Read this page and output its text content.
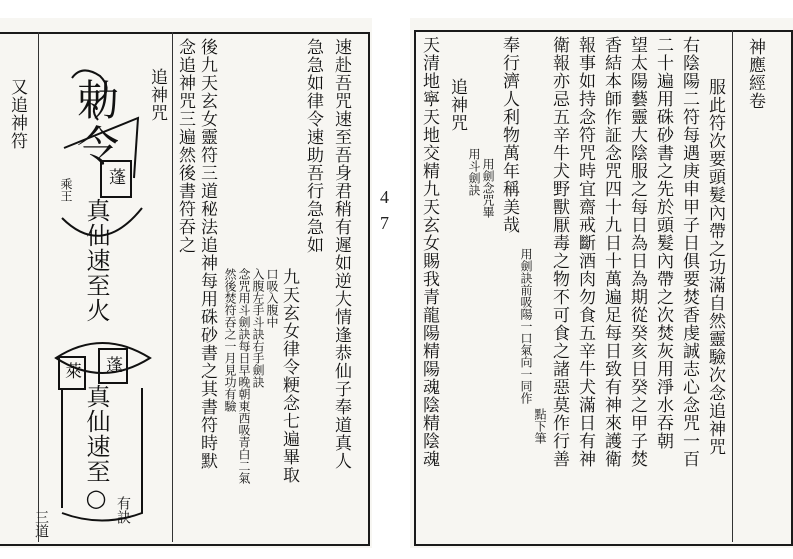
又追神符 勅令
乘王
蓬
真仙速至火
萊 蓬
真仙速至○
三道	有訣
追神咒 念追神咒三遍然後書符吞之 後九天玄女靈符三道秘法追神每用硃砂書之其書符時默 然後焚符吞之一月見功有驗 念咒用斗劍訣每日早晚朝東西吸青白二氣 入腹左手斗訣右手劍訣 口吸入腹中 九天玄女律令粳念七遍畢取
急急如律令速助吾行急急如 速赴吾咒速至吾身君稍有遲如逆大情逢恭仙子奉道真人 4 7 天清地寧天地交精九天玄女賜我青龍陽精陽魂陰精陰魂 追神咒
用斗劍訣 用劍念咒畢 奉行濟人利物萬年稱美哉
用劍訣前吸陽一口氣向一同作
點下筆 衛報亦忌五辛牛犬野獸厭毒之物不可食之諸惡莫作行善 報事如持念符咒時宜齋戒斷酒肉勿食五辛牛犬滿日有神 香結本師作証念咒四十九日十萬遍足每日致有神來護衛 望太陽藝靈大陰服之每日為日為期從癸亥日癸之甲子焚 二十遍用硃砂書之先於頭髮內帶之次焚灰用淨水吞朝 右陰陽二符每遇庚申甲子日俱要焚香虔誠志心念咒一百 服此符次要頭髮內帶之功滿自然靈驗次念追神咒
神應經卷
